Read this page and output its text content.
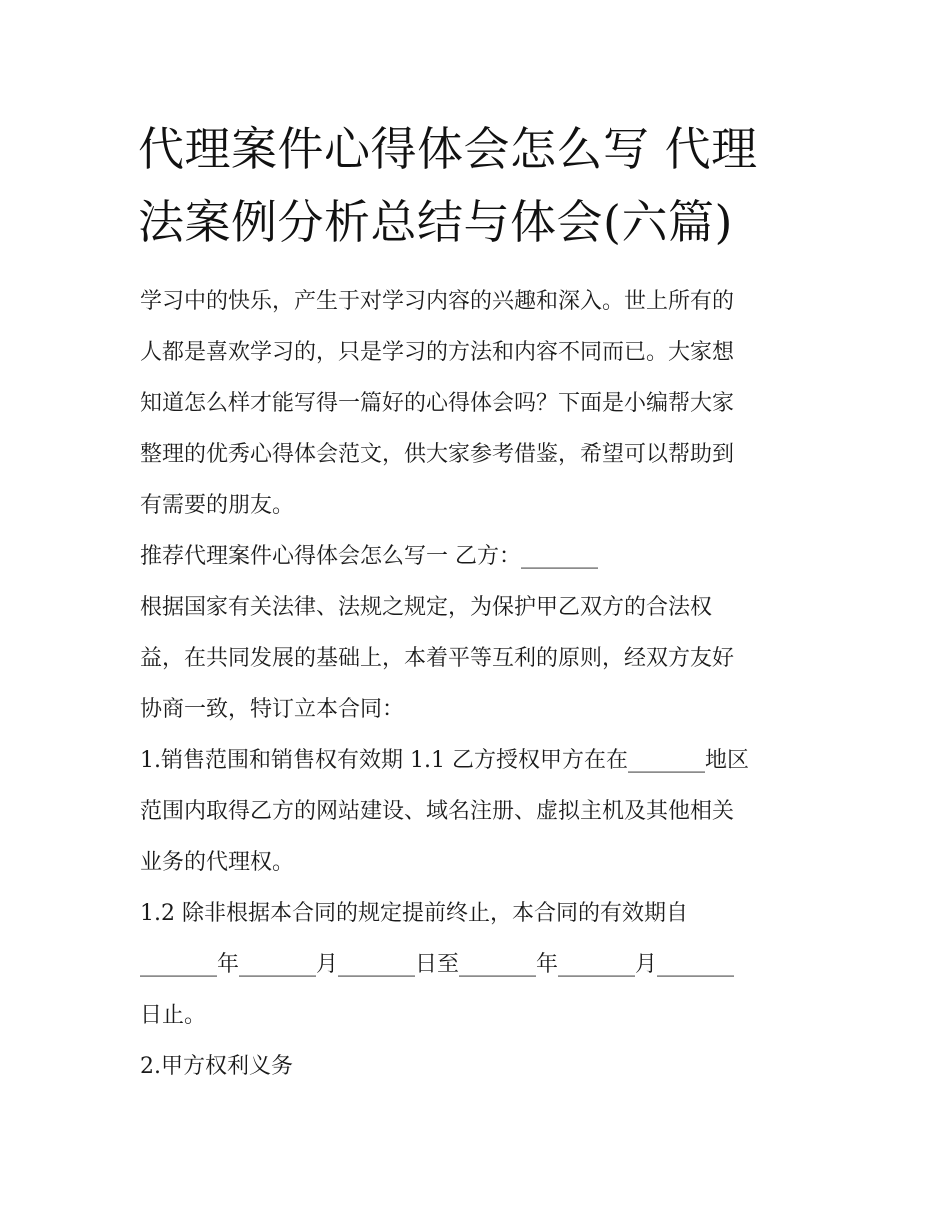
代理案件心得体会怎么写 代理
法案例分析总结与体会(六篇)
学习中的快乐，产生于对学习内容的兴趣和深入。世上所有的
人都是喜欢学习的，只是学习的方法和内容不同而已。大家想
知道怎么样才能写得一篇好的心得体会吗？下面是小编帮大家
整理的优秀心得体会范文，供大家参考借鉴，希望可以帮助到
有需要的朋友。
推荐代理案件心得体会怎么写一 乙方：_______
根据国家有关法律、法规之规定，为保护甲乙双方的合法权
益，在共同发展的基础上，本着平等互利的原则，经双方友好
协商一致，特订立本合同：
1.销售范围和销售权有效期 1.1 乙方授权甲方在在_______地区
范围内取得乙方的网站建设、域名注册、虚拟主机及其他相关
业务的代理权。
1.2 除非根据本合同的规定提前终止，本合同的有效期自
_______年_______月_______日至_______年_______月_______
日止。
2.甲方权利义务
